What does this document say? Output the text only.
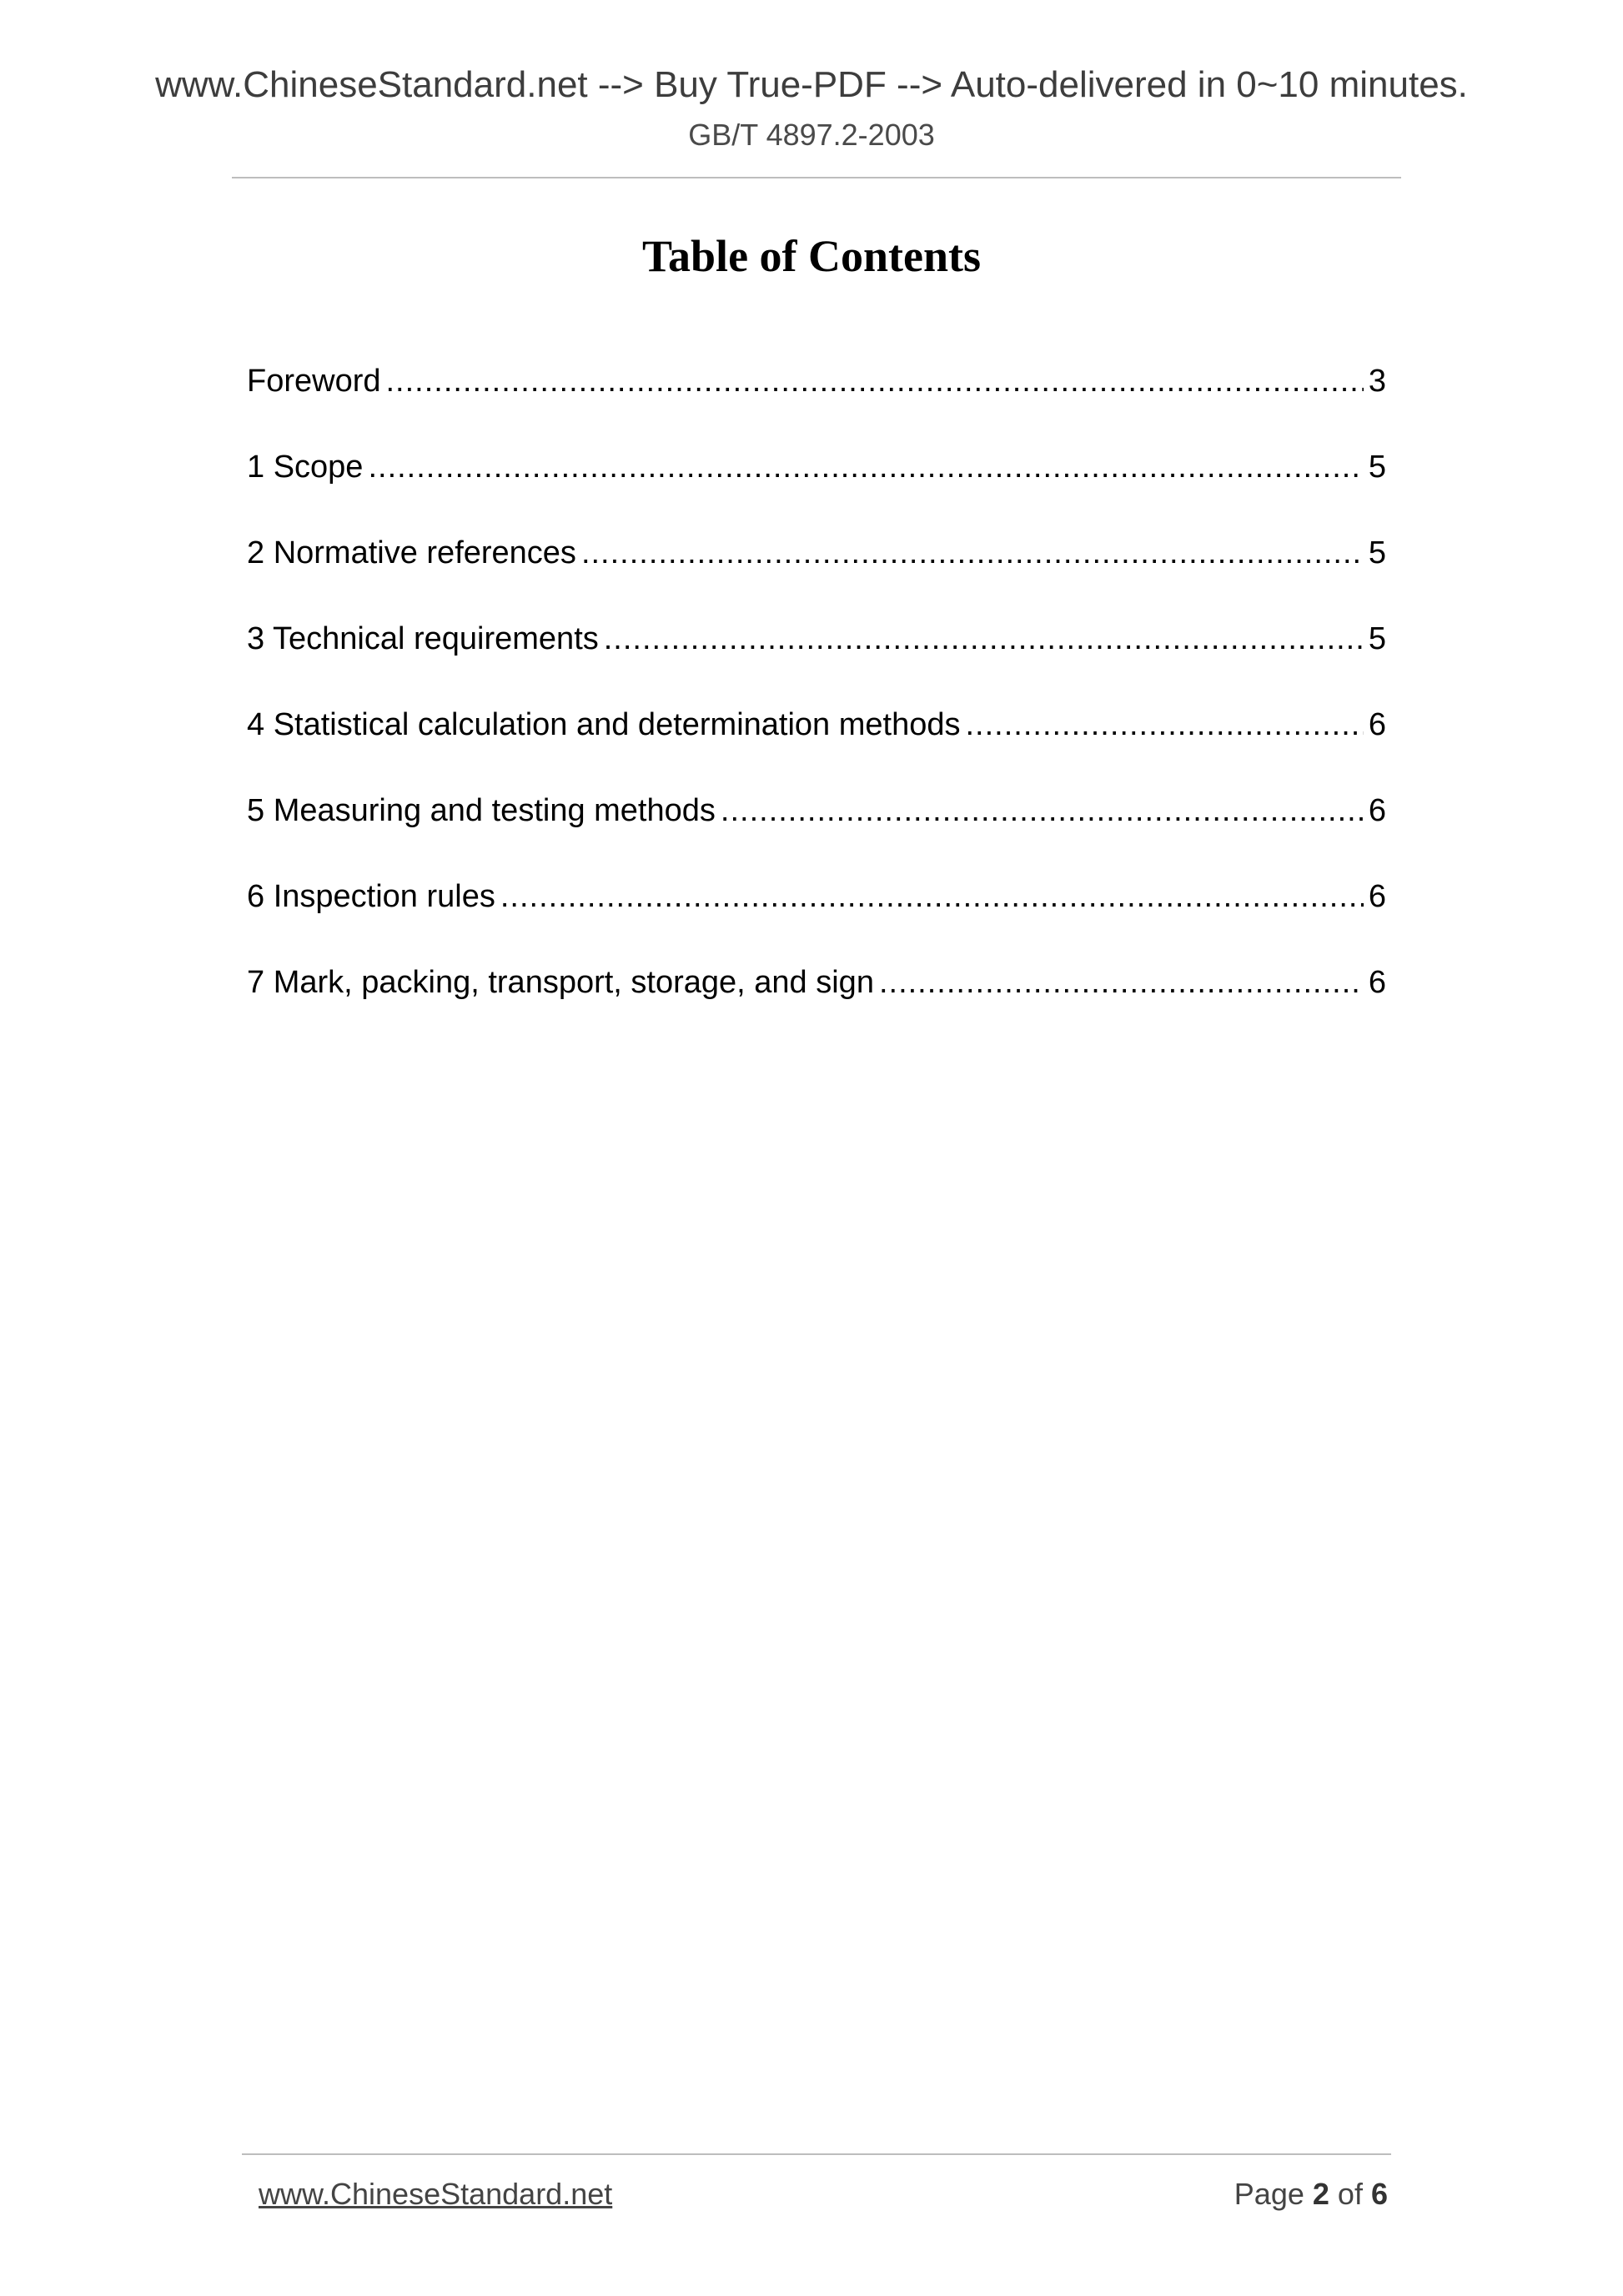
www.ChineseStandard.net --> Buy True-PDF --> Auto-delivered in 0~10 minutes.
GB/T 4897.2-2003
Table of Contents
Foreword .....	3
1 Scope .....	5
2 Normative references .....	5
3 Technical requirements .....	5
4 Statistical calculation and determination methods .....	6
5 Measuring and testing methods .....	6
6 Inspection rules .....	6
7 Mark, packing, transport, storage, and sign .....	6
www.ChineseStandard.net	Page 2 of 6
